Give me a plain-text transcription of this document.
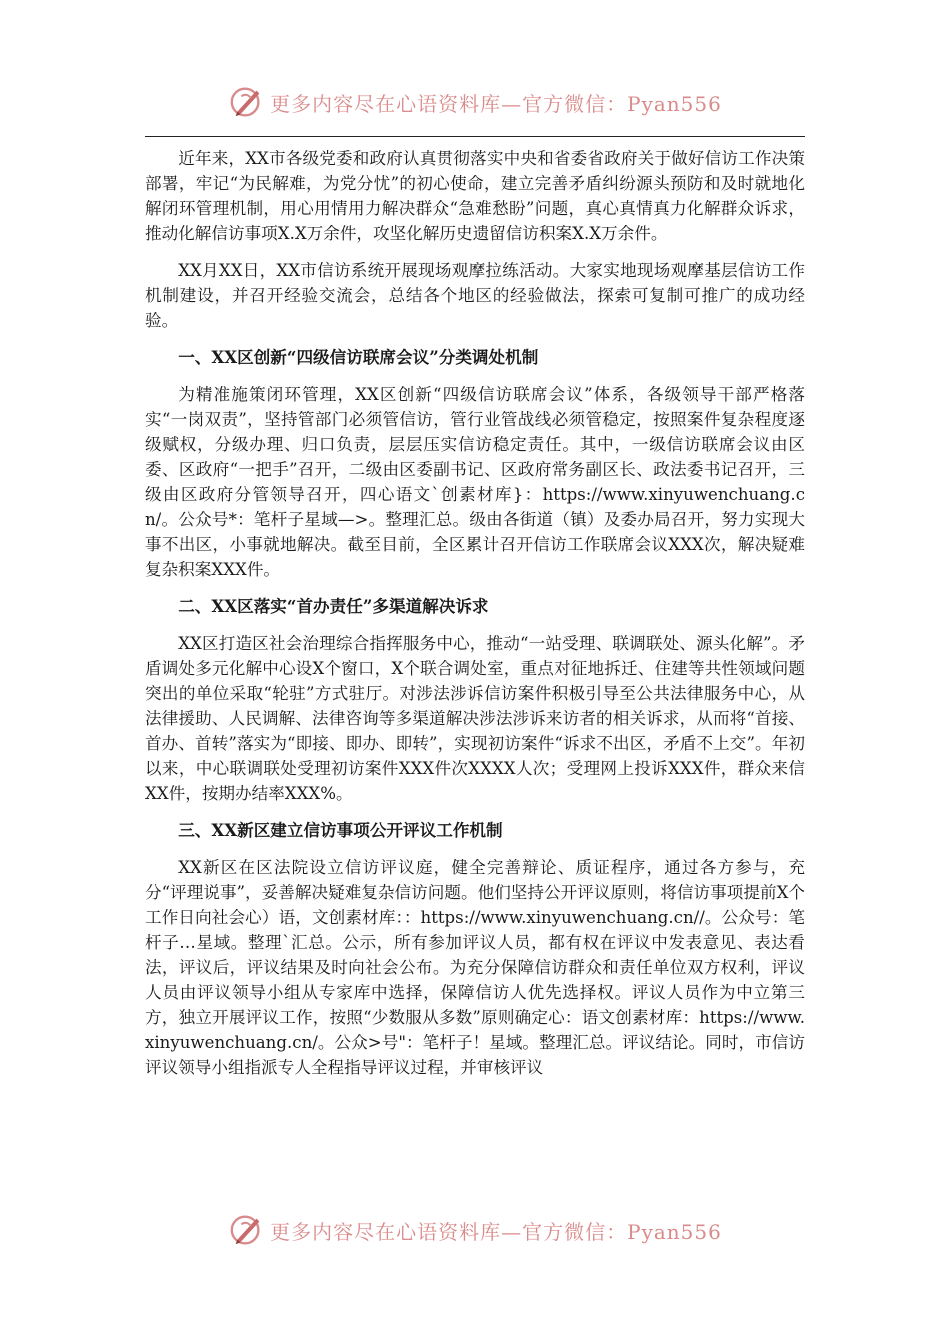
更多内容尽在心语资料库—官方微信：Pyan556

近年来，XX市各级党委和政府认真贯彻落实中央和省委省政府关于做好信访工作决策部署，牢记“为民解难，为党分忧”的初心使命，建立完善矛盾纠纷源头预防和及时就地化解闭环管理机制，用心用情用力解决群众“急难愁盼”问题，真心真情真力化解群众诉求，推动化解信访事项X.X万余件，攻坚化解历史遗留信访积案X.X万余件。

XX月XX日，XX市信访系统开展现场观摩拉练活动。大家实地现场观摩基层信访工作机制建设，并召开经验交流会，总结各个地区的经验做法，探索可复制可推广的成功经验。

一、XX区创新“四级信访联席会议”分类调处机制

为精准施策闭环管理，XX区创新“四级信访联席会议”体系，各级领导干部严格落实“一岗双责”，坚持管部门必须管信访，管行业管战线必须管稳定，按照案件复杂程度逐级赋权，分级办理、归口负责，层层压实信访稳定责任。其中，一级信访联席会议由区委、区政府“一把手”召开，二级由区委副书记、区政府常务副区长、政法委书记召开，三级由区政府分管领导召开，四心语文`创素材库}：https://www.xinyuwenchuang.cn/。公众号*：笔杆子星域—>。整理汇总。级由各街道（镇）及委办局召开，努力实现大事不出区，小事就地解决。截至目前，全区累计召开信访工作联席会议XXX次，解决疑难复杂积案XXX件。

二、XX区落实“首办责任”多渠道解决诉求

XX区打造区社会治理综合指挥服务中心，推动“一站受理、联调联处、源头化解”。矛盾调处多元化解中心设X个窗口，X个联合调处室，重点对征地拆迁、住建等共性领域问题突出的单位采取“轮驻”方式驻厅。对涉法涉诉信访案件积极引导至公共法律服务中心，从法律援助、人民调解、法律咨询等多渠道解决涉法涉诉来访者的相关诉求，从而将“首接、首办、首转”落实为“即接、即办、即转”，实现初访案件“诉求不出区，矛盾不上交”。年初以来，中心联调联处受理初访案件XXX件次XXXX人次；受理网上投诉XXX件，群众来信XX件，按期办结率XXX%。

三、XX新区建立信访事项公开评议工作机制

XX新区在区法院设立信访评议庭，健全完善辩论、质证程序，通过各方参与，充分“评理说事”，妥善解决疑难复杂信访问题。他们坚持公开评议原则，将信访事项提前X个工作日向社会心）语，文创素材库：：https://www.xinyuwenchuang.cn//。公众号：笔杆子…星域。整理`汇总。公示，所有参加评议人员，都有权在评议中发表意见、表达看法，评议后，评议结果及时向社会公布。为充分保障信访群众和责任单位双方权利，评议人员由评议领导小组从专家库中选择，保障信访人优先选择权。评议人员作为中立第三方，独立开展评议工作，按照“少数服从多数”原则确定心：语文创素材库：https://www.xinyuwenchuang.cn/。公众>号"：笔杆子！星域。整理汇总。评议结论。同时，市信访评议领导小组指派专人全程指导评议过程，并审核评议

更多内容尽在心语资料库—官方微信：Pyan556
